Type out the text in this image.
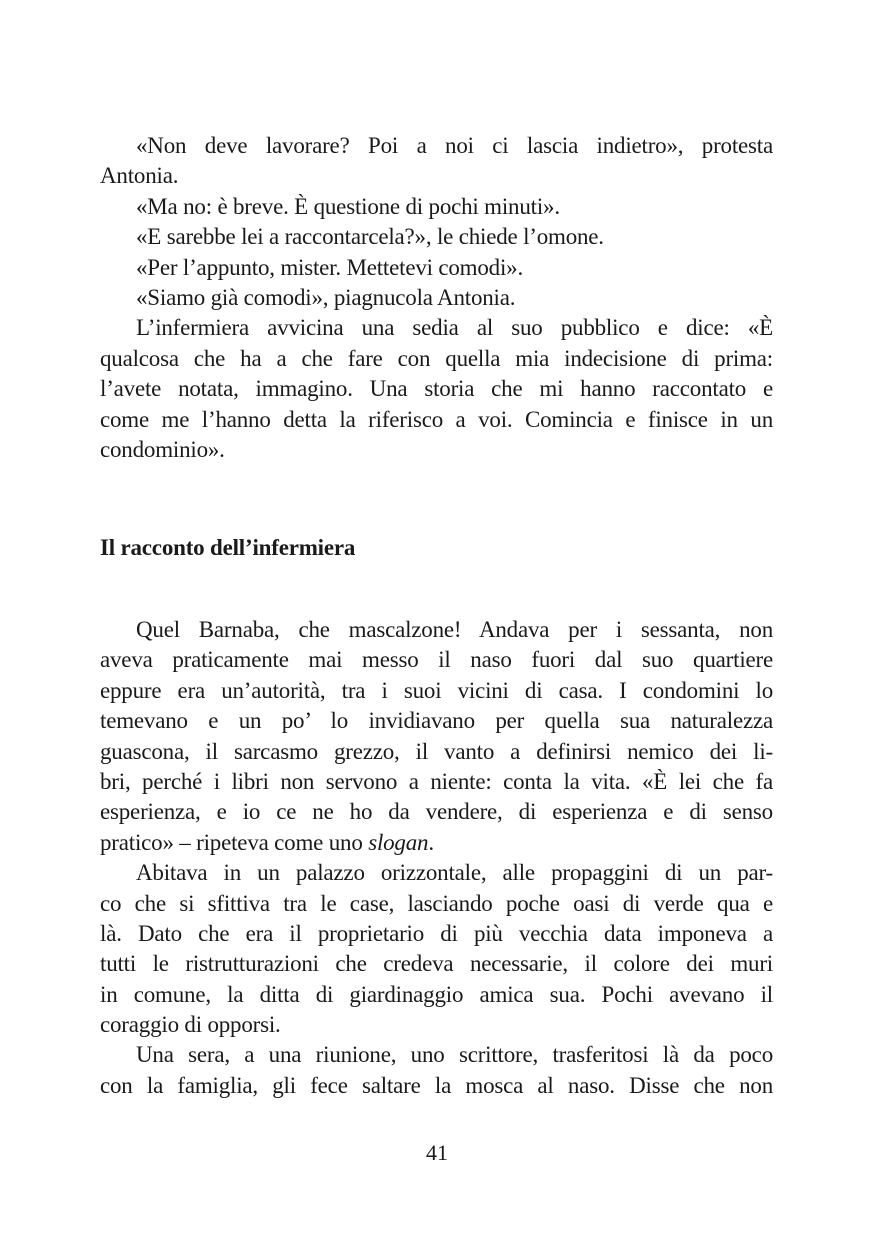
«Non deve lavorare? Poi a noi ci lascia indietro», protesta
Antonia.
«Ma no: è breve. È questione di pochi minuti».
«E sarebbe lei a raccontarcela?», le chiede l’omone.
«Per l’appunto, mister. Mettetevi comodi».
«Siamo già comodi», piagnucola Antonia.
L’infermiera avvicina una sedia al suo pubblico e dice: «È
qualcosa che ha a che fare con quella mia indecisione di prima:
l’avete notata, immagino. Una storia che mi hanno raccontato e
come me l’hanno detta la riferisco a voi. Comincia e finisce in un
condominio».
Il racconto dell’infermiera
Quel Barnaba, che mascalzone! Andava per i sessanta, non
aveva praticamente mai messo il naso fuori dal suo quartiere
eppure era un’autorità, tra i suoi vicini di casa. I condomini lo
temevano e un po’ lo invidiavano per quella sua naturalezza
guascona, il sarcasmo grezzo, il vanto a definirsi nemico dei li-
bri, perché i libri non servono a niente: conta la vita. «È lei che fa
esperienza, e io ce ne ho da vendere, di esperienza e di senso
pratico» – ripeteva come uno slogan.
Abitava in un palazzo orizzontale, alle propaggini di un par-
co che si sfittiva tra le case, lasciando poche oasi di verde qua e
là. Dato che era il proprietario di più vecchia data imponeva a
tutti le ristrutturazioni che credeva necessarie, il colore dei muri
in comune, la ditta di giardinaggio amica sua. Pochi avevano il
coraggio di opporsi.
Una sera, a una riunione, uno scrittore, trasferitosi là da poco
con la famiglia, gli fece saltare la mosca al naso. Disse che non
41
